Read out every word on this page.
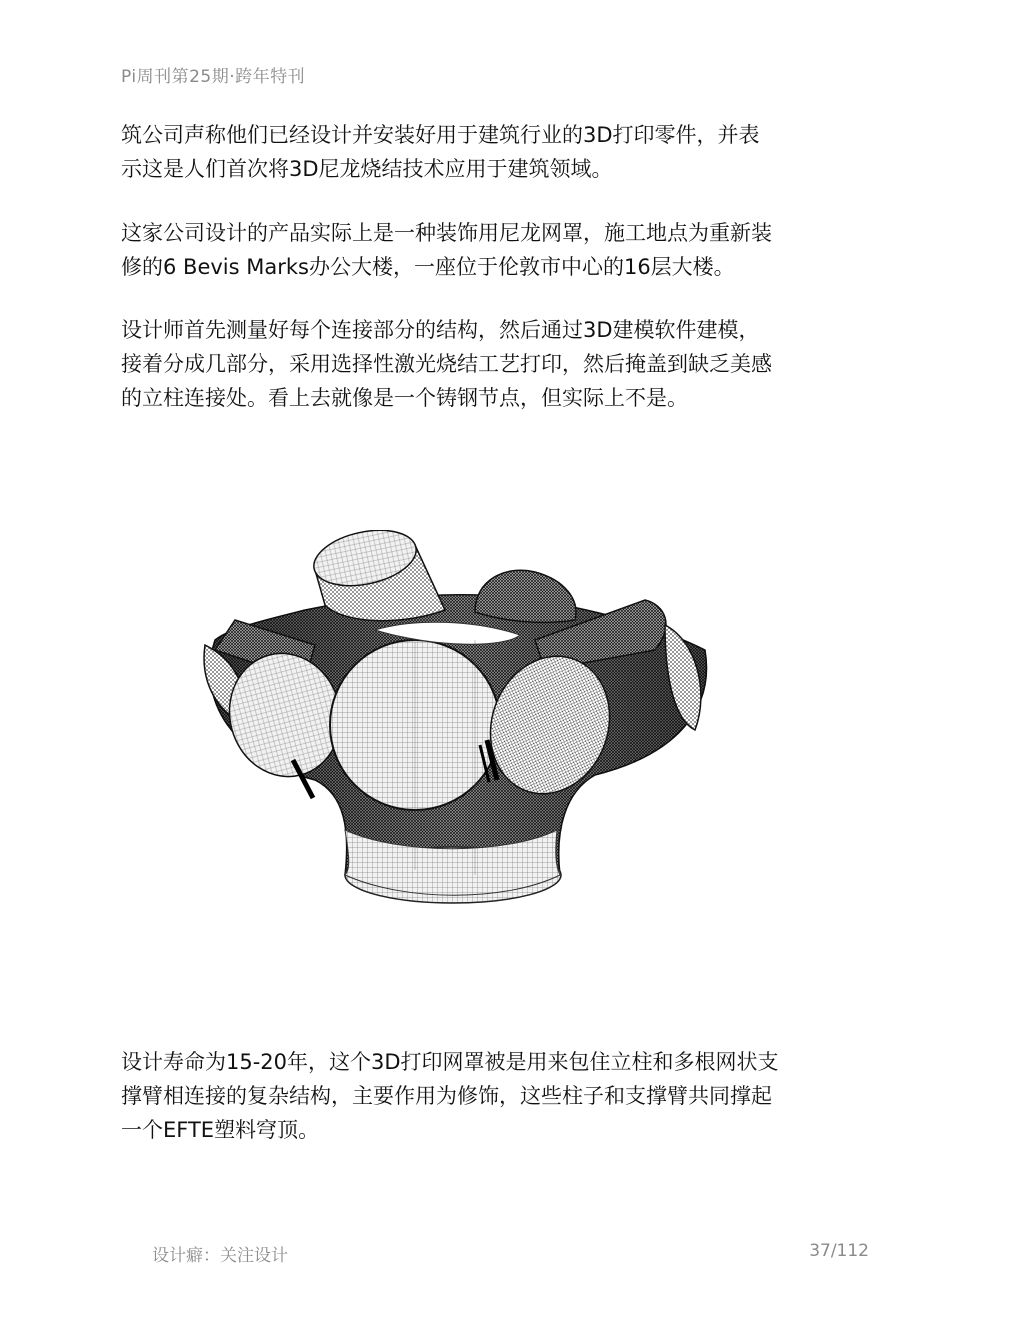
Pi周刊第25期·跨年特刊
筑公司声称他们已经设计并安装好用于建筑行业的3D打印零件，并表
示这是人们首次将3D尼龙烧结技术应用于建筑领域。
这家公司设计的产品实际上是一种装饰用尼龙网罩，施工地点为重新装
修的6 Bevis Marks办公大楼，一座位于伦敦市中心的16层大楼。
设计师首先测量好每个连接部分的结构，然后通过3D建模软件建模，
接着分成几部分，采用选择性激光烧结工艺打印，然后掩盖到缺乏美感
的立柱连接处。看上去就像是一个铸钢节点，但实际上不是。
设计寿命为15-20年，这个3D打印网罩被是用来包住立柱和多根网状支
撑臂相连接的复杂结构，主要作用为修饰，这些柱子和支撑臂共同撑起
一个EFTE塑料穹顶。
设计癖：关注设计	37/112
